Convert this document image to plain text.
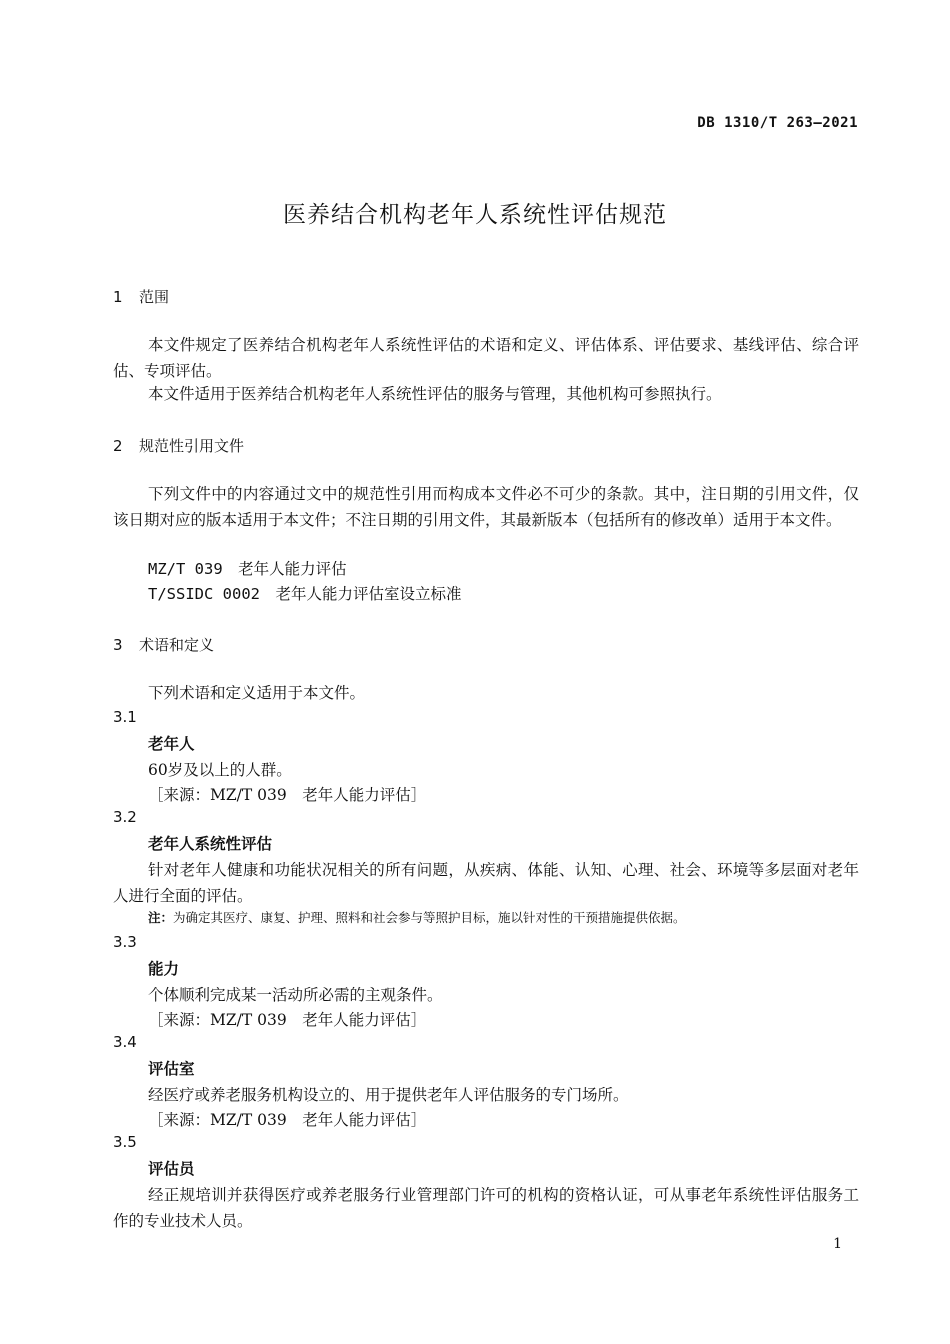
DB 1310/T 263—2021
医养结合机构老年人系统性评估规范
1 范围
本文件规定了医养结合机构老年人系统性评估的术语和定义、评估体系、评估要求、基线评估、综合评估、专项评估。
本文件适用于医养结合机构老年人系统性评估的服务与管理，其他机构可参照执行。
2 规范性引用文件
下列文件中的内容通过文中的规范性引用而构成本文件必不可少的条款。其中，注日期的引用文件，仅该日期对应的版本适用于本文件；不注日期的引用文件，其最新版本（包括所有的修改单）适用于本文件。
MZ/T 039　 老年人能力评估
T/SSIDC 0002　 老年人能力评估室设立标准
3 术语和定义
下列术语和定义适用于本文件。
3.1
老年人
60岁及以上的人群。
［来源：MZ/T 039　老年人能力评估］
3.2
老年人系统性评估
针对老年人健康和功能状况相关的所有问题，从疾病、体能、认知、心理、社会、环境等多层面对老年人进行全面的评估。
注：为确定其医疗、康复、护理、照料和社会参与等照护目标，施以针对性的干预措施提供依据。
3.3
能力
个体顺利完成某一活动所必需的主观条件。
［来源：MZ/T 039　老年人能力评估］
3.4
评估室
经医疗或养老服务机构设立的、用于提供老年人评估服务的专门场所。
［来源：MZ/T 039　老年人能力评估］
3.5
评估员
经正规培训并获得医疗或养老服务行业管理部门许可的机构的资格认证，可从事老年系统性评估服务工作的专业技术人员。
1
